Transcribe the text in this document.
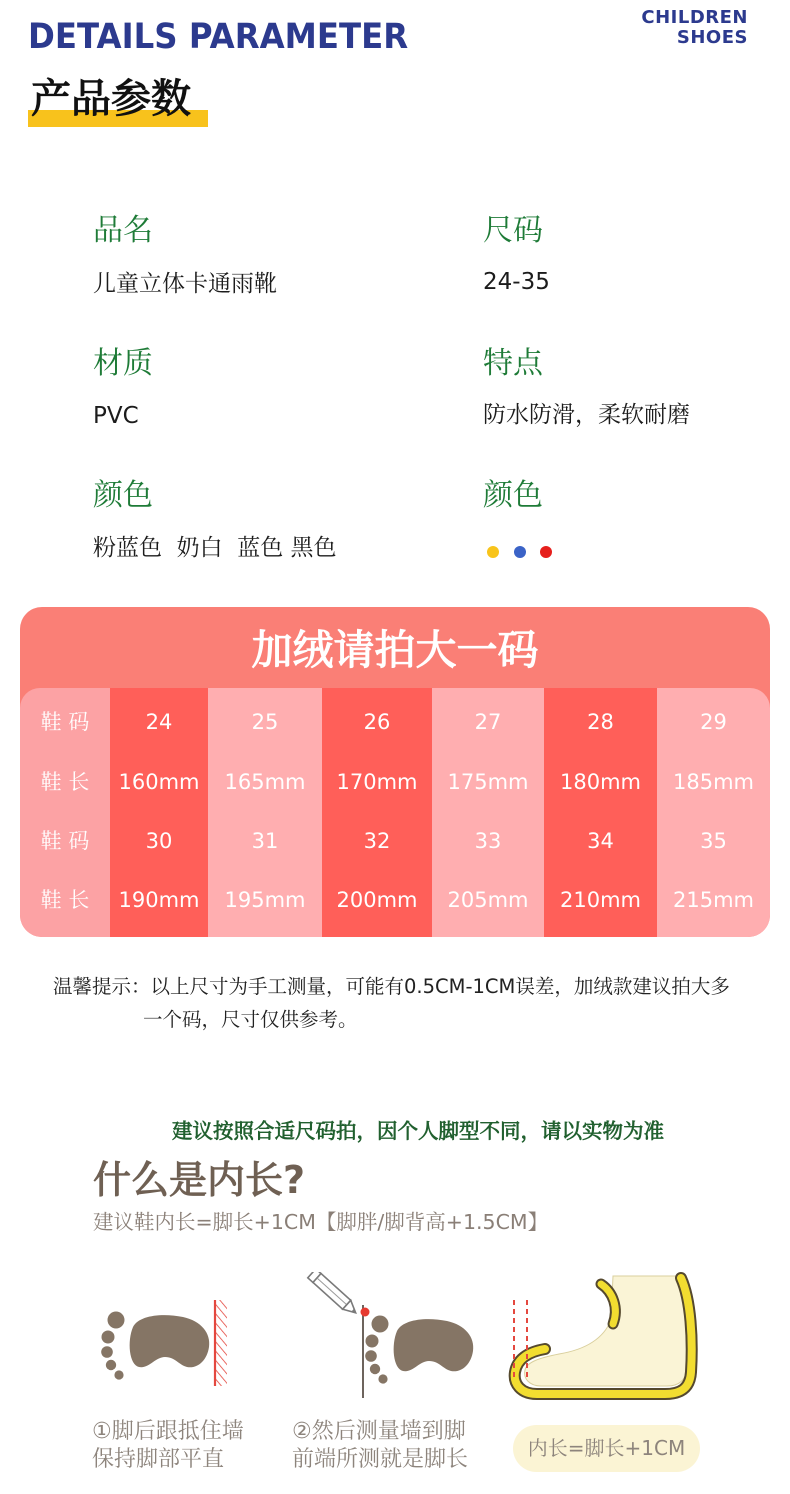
DETAILS PARAMETER	CHILDREN
SHOES
产品参数
品名
儿童立体卡通雨靴
尺码
24-35
材质
PVC
特点
防水防滑，柔软耐磨
颜色
粉蓝色  奶白  蓝色 黑色
颜色
加绒请拍大一码
鞋 码
鞋 长
鞋 码
鞋 长
24
160mm
30
190mm
25
165mm
31
195mm
26
170mm
32
200mm
27
175mm
33
205mm
28
180mm
34
210mm
29
185mm
35
215mm
温馨提示：以上尺寸为手工测量，可能有0.5CM-1CM误差，加绒款建议拍大多
一个码，尺寸仅供参考。
建议按照合适尺码拍，因个人脚型不同，请以实物为准
什么是内长?
建议鞋内长=脚长+1CM【脚胖/脚背高+1.5CM】
①脚后跟抵住墙
保持脚部平直
②然后测量墙到脚
前端所测就是脚长	内长=脚长+1CM
